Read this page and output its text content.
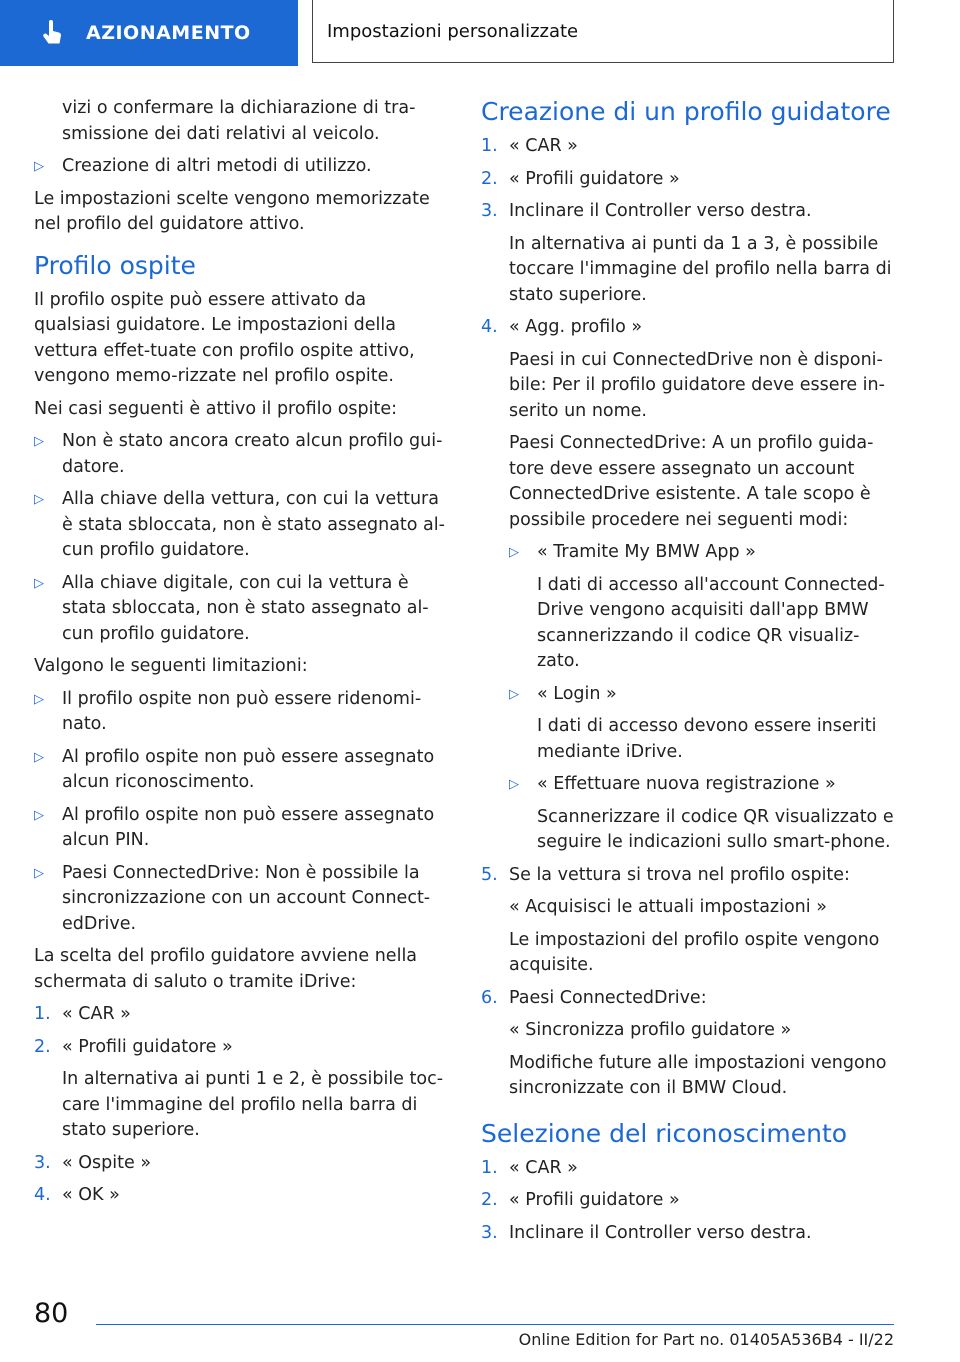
AZIONAMENTO	Impostazioni personalizzate

vizi o confermare la dichiarazione di tra-smissione dei dati relativi al veicolo.

▷	Creazione di altri metodi di utilizzo.

Le impostazioni scelte vengono memorizzate nel profilo del guidatore attivo.

Profilo ospite

Il profilo ospite può essere attivato da qualsiasi guidatore. Le impostazioni della vettura effet-tuate con profilo ospite attivo, vengono memo-rizzate nel profilo ospite.

Nei casi seguenti è attivo il profilo ospite:

▷	Non è stato ancora creato alcun profilo gui-datore.
▷	Alla chiave della vettura, con cui la vettura è stata sbloccata, non è stato assegnato al-cun profilo guidatore.
▷	Alla chiave digitale, con cui la vettura è stata sbloccata, non è stato assegnato al-cun profilo guidatore.

Valgono le seguenti limitazioni:

▷	Il profilo ospite non può essere ridenomi-nato.
▷	Al profilo ospite non può essere assegnato alcun riconoscimento.
▷	Al profilo ospite non può essere assegnato alcun PIN.
▷	Paesi ConnectedDrive: Non è possibile la sincronizzazione con un account Connect-edDrive.

La scelta del profilo guidatore avviene nella schermata di saluto o tramite iDrive:

1. « CAR »
2. « Profili guidatore »

In alternativa ai punti 1 e 2, è possibile toc-care l'immagine del profilo nella barra di stato superiore.

3. « Ospite »
4. « OK »
Creazione di un profilo guidatore
1. « CAR »
2. « Profili guidatore »
3. Inclinare il Controller verso destra.

In alternativa ai punti da 1 a 3, è possibile toccare l'immagine del profilo nella barra di stato superiore.

4. « Agg. profilo »

Paesi in cui ConnectedDrive non è disponi-bile: Per il profilo guidatore deve essere in-serito un nome.

Paesi ConnectedDrive: A un profilo guida-tore deve essere assegnato un account ConnectedDrive esistente. A tale scopo è possibile procedere nei seguenti modi:

▷	« Tramite My BMW App »

I dati di accesso all'account Connected-Drive vengono acquisiti dall'app BMW scannerizzando il codice QR visualiz-zato.

▷	« Login »

I dati di accesso devono essere inseriti mediante iDrive.

▷	« Effettuare nuova registrazione »

Scannerizzare il codice QR visualizzato e seguire le indicazioni sullo smart-phone.

5. Se la vettura si trova nel profilo ospite:

« Acquisisci le attuali impostazioni »

Le impostazioni del profilo ospite vengono acquisite.

6. Paesi ConnectedDrive:

« Sincronizza profilo guidatore »

Modifiche future alle impostazioni vengono sincronizzate con il BMW Cloud.

Selezione del riconoscimento
1. « CAR »
2. « Profili guidatore »
3. Inclinare il Controller verso destra.
80
Online Edition for Part no. 01405A536B4 - II/22
